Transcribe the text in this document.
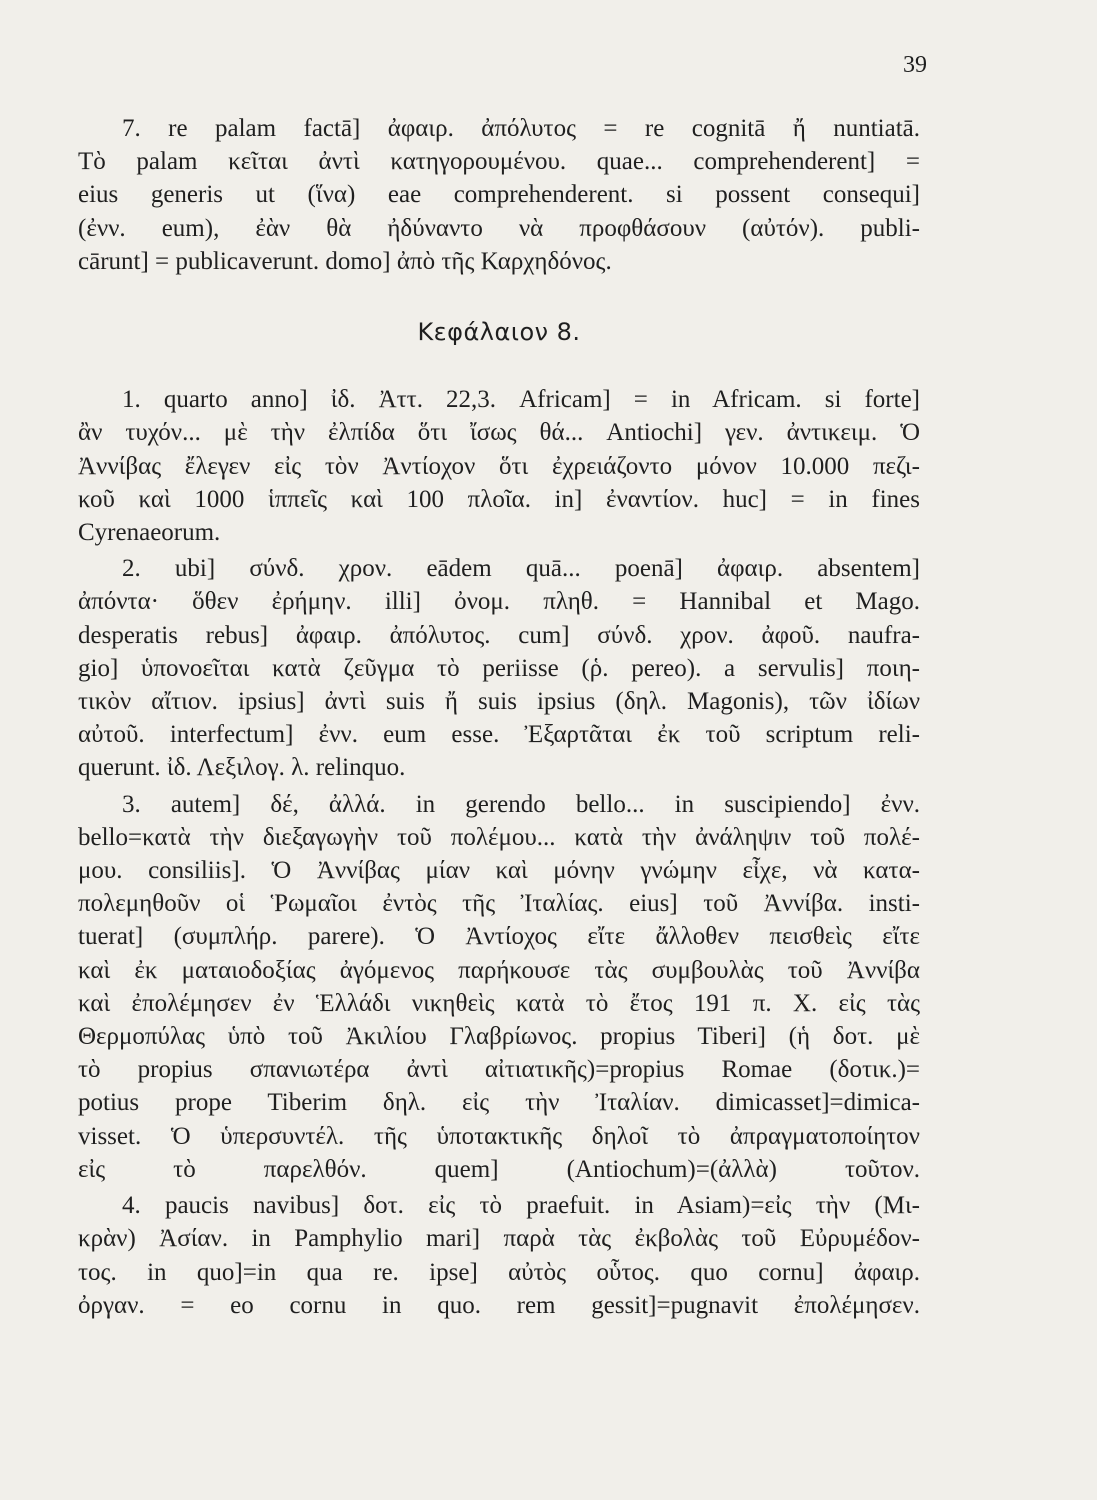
39
7. re palam factā] ἀφαιρ. ἀπόλυτος = re cognitā ἤ nuntiatā.
Τὸ palam κεῖται ἀντὶ κατηγορουμένου. quae... comprehenderent] =
eius generis ut (ἵνα) eae comprehenderent. si possent consequi]
(ἐνν. eum), ἐὰν θὰ ἠδύναντο νὰ προφθάσουν (αὐτόν). publi-
cārunt] = publicaverunt. domo] ἀπὸ τῆς Καρχηδόνος.
Κεφάλαιον 8.
1. quarto anno] ἰδ. Ἀττ. 22,3. Africam] = in Africam. si forte]
ἂν τυχόν... μὲ τὴν ἐλπίδα ὅτι ἴσως θά... Antiochi] γεν. ἀντικειμ. Ὁ
Ἀννίβας ἔλεγεν εἰς τὸν Ἀντίοχον ὅτι ἐχρειάζοντο μόνον 10.000 πεζι-
κοῦ καὶ 1000 ἱππεῖς καὶ 100 πλοῖα. in] ἐναντίον. huc] = in fines
Cyrenaeorum.
2. ubi] σύνδ. χρον. eādem quā... poenā] ἀφαιρ. absentem]
ἀπόντα· ὅθεν ἐρήμην. illi] ὀνομ. πληθ. = Hannibal et Mago.
desperatis rebus] ἀφαιρ. ἀπόλυτος. cum] σύνδ. χρον. ἀφοῦ. naufra-
gio] ὑπονοεῖται κατὰ ζεῦγμα τὸ periisse (ῥ. pereo). a servulis] ποιη-
τικὸν αἴτιον. ipsius] ἀντὶ suis ἤ suis ipsius (δηλ. Magonis), τῶν ἰδίων
αὐτοῦ. interfectum] ἐνν. eum esse. Ἐξαρτᾶται ἐκ τοῦ scriptum reli-
querunt. ἰδ. Λεξιλογ. λ. relinquo.
3. autem] δέ, ἀλλά. in gerendo bello... in suscipiendo] ἐνν.
bello=κατὰ τὴν διεξαγωγὴν τοῦ πολέμου... κατὰ τὴν ἀνάληψιν τοῦ πολέ-
μου. consiliis]. Ὁ Ἀννίβας μίαν καὶ μόνην γνώμην εἶχε, νὰ κατα-
πολεμηθοῦν οἱ Ῥωμαῖοι ἐντὸς τῆς Ἰταλίας. eius] τοῦ Ἀννίβα. insti-
tuerat] (συμπλήρ. parere). Ὁ Ἀντίοχος εἴτε ἄλλοθεν πεισθεὶς εἴτε
καὶ ἐκ ματαιοδοξίας ἀγόμενος παρήκουσε τὰς συμβουλὰς τοῦ Ἀννίβα
καὶ ἐπολέμησεν ἐν Ἑλλάδι νικηθεὶς κατὰ τὸ ἔτος 191 π. Χ. εἰς τὰς
Θερμοπύλας ὑπὸ τοῦ Ἀκιλίου Γλαβρίωνος. propius Tiberi] (ἡ δοτ. μὲ
τὸ propius σπανιωτέρα ἀντὶ αἰτιατικῆς)=propius Romae (δοτικ.)=
potius prope Tiberim δηλ. εἰς τὴν Ἰταλίαν. dimicasset]=dimica-
visset. Ὁ ὑπερσυντέλ. τῆς ὑποτακτικῆς δηλοῖ τὸ ἀπραγματοποίητον
εἰς τὸ παρελθόν. quem] (Antiochum)=(ἀλλὰ) τοῦτον.
4. paucis navibus] δοτ. εἰς τὸ praefuit. in Asiam)=εἰς τὴν (Μι-
κρὰν) Ἀσίαν. in Pamphylio mari] παρὰ τὰς ἐκβολὰς τοῦ Εὐρυμέδον-
τος. in quo]=in qua re. ipse] αὐτὸς οὗτος. quo cornu] ἀφαιρ.
ὀργαν. = eo cornu in quo. rem gessit]=pugnavit ἐπολέμησεν.
